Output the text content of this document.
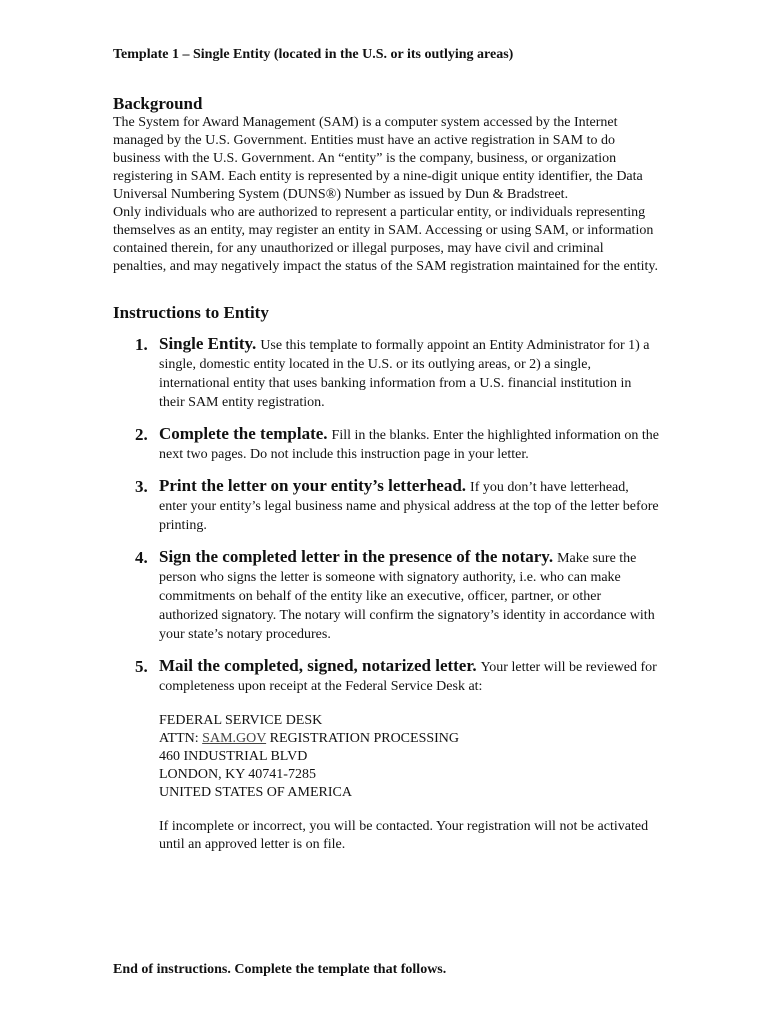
Template 1 – Single Entity (located in the U.S. or its outlying areas)

Background

The System for Award Management (SAM) is a computer system accessed by the Internet managed by the U.S. Government. Entities must have an active registration in SAM to do business with the U.S. Government. An “entity” is the company, business, or organization registering in SAM. Each entity is represented by a nine-digit unique entity identifier, the Data Universal Numbering System (DUNS®) Number as issued by Dun & Bradstreet.

Only individuals who are authorized to represent a particular entity, or individuals representing themselves as an entity, may register an entity in SAM. Accessing or using SAM, or information contained therein, for any unauthorized or illegal purposes, may have civil and criminal penalties, and may negatively impact the status of the SAM registration maintained for the entity.

Instructions to Entity
1. Single Entity. Use this template to formally appoint an Entity Administrator for 1) a single, domestic entity located in the U.S. or its outlying areas, or 2) a single, international entity that uses banking information from a U.S. financial institution in their SAM entity registration.
2. Complete the template. Fill in the blanks. Enter the highlighted information on the next two pages. Do not include this instruction page in your letter.
3. Print the letter on your entity’s letterhead. If you don’t have letterhead, enter your entity’s legal business name and physical address at the top of the letter before printing.
4. Sign the completed letter in the presence of the notary. Make sure the person who signs the letter is someone with signatory authority, i.e. who can make commitments on behalf of the entity like an executive, officer, partner, or other authorized signatory. The notary will confirm the signatory’s identity in accordance with your state’s notary procedures.
5. Mail the completed, signed, notarized letter. Your letter will be reviewed for completeness upon receipt at the Federal Service Desk at:
FEDERAL SERVICE DESK
ATTN: SAM.GOV REGISTRATION PROCESSING
460 INDUSTRIAL BLVD
LONDON, KY 40741-7285
UNITED STATES OF AMERICA

If incomplete or incorrect, you will be contacted. Your registration will not be activated until an approved letter is on file.

End of instructions. Complete the template that follows.
